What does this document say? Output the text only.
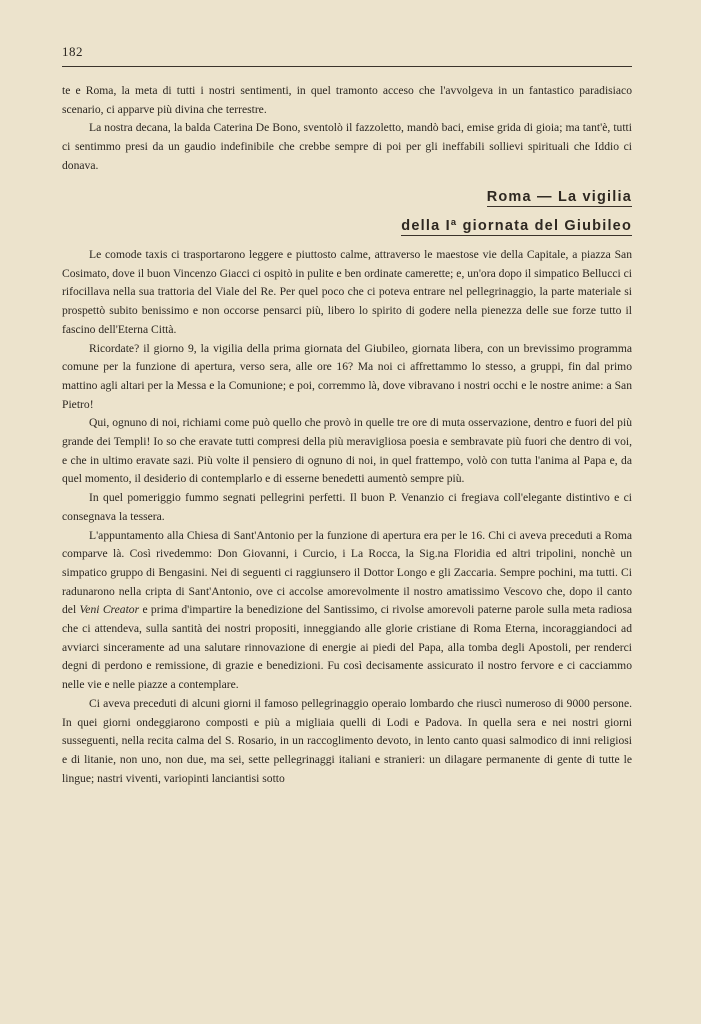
182

te e Roma, la meta di tutti i nostri sentimenti, in quel tramonto acceso che l'avvolgeva in un fantastico paradisiaco scenario, ci apparve più divina che terrestre.

La nostra decana, la balda Caterina De Bono, sventolò il fazzoletto, mandò baci, emise grida di gioia; ma tant'è, tutti ci sentimmo presi da un gaudio indefinibile che crebbe sempre di poi per gli ineffabili sollievi spirituali che Iddio ci donava.

Roma — La vigilia
della Iª giornata del Giubileo

Le comode taxis ci trasportarono leggere e piuttosto calme, attraverso le maestose vie della Capitale, a piazza San Cosimato, dove il buon Vincenzo Giacci ci ospitò in pulite e ben ordinate camerette; e, un'ora dopo il simpatico Bellucci ci rifocillava nella sua trattoria del Viale del Re. Per quel poco che ci poteva entrare nel pellegrinaggio, la parte materiale si prospettò subito benissimo e non occorse pensarci più, libero lo spirito di godere nella pienezza delle sue forze tutto il fascino dell'Eterna Città.

Ricordate? il giorno 9, la vigilia della prima giornata del Giubileo, giornata libera, con un brevissimo programma comune per la funzione di apertura, verso sera, alle ore 16? Ma noi ci affrettammo lo stesso, a gruppi, fin dal primo mattino agli altari per la Messa e la Comunione; e poi, corremmo là, dove vibravano i nostri occhi e le nostre anime: a San Pietro!

Qui, ognuno di noi, richiami come può quello che provò in quelle tre ore di muta osservazione, dentro e fuori del più grande dei Templi! Io so che eravate tutti compresi della più meravigliosa poesia e sembravate più fuori che dentro di voi, e che in ultimo eravate sazi. Più volte il pensiero di ognuno di noi, in quel frattempo, volò con tutta l'anima al Papa e, da quel momento, il desiderio di contemplarlo e di esserne benedetti aumentò sempre più.

In quel pomeriggio fummo segnati pellegrini perfetti. Il buon P. Venanzio ci fregiava coll'elegante distintivo e ci consegnava la tessera.

L'appuntamento alla Chiesa di Sant'Antonio per la funzione di apertura era per le 16. Chi ci aveva preceduti a Roma comparve là. Così rivedemmo: Don Giovanni, i Curcio, i La Rocca, la Sig.na Floridia ed altri tripolini, nonchè un simpatico gruppo di Bengasini. Nei di seguenti ci raggiunsero il Dottor Longo e gli Zaccaria. Sempre pochini, ma tutti. Ci radunarono nella cripta di Sant'Antonio, ove ci accolse amorevolmente il nostro amatissimo Vescovo che, dopo il canto del Veni Creator e prima d'impartire la benedizione del Santissimo, ci rivolse amorevoli paterne parole sulla meta radiosa che ci attendeva, sulla santità dei nostri propositi, inneggiando alle glorie cristiane di Roma Eterna, incoraggiandoci ad avviarci sinceramente ad una salutare rinnovazione di energie ai piedi del Papa, alla tomba degli Apostoli, per renderci degni di perdono e remissione, di grazie e benedizioni. Fu così decisamente assicurato il nostro fervore e ci cacciammo nelle vie e nelle piazze a contemplare.

Ci aveva preceduti di alcuni giorni il famoso pellegrinaggio operaio lombardo che riuscì numeroso di 9000 persone. In quei giorni ondeggiarono composti e più a migliaia quelli di Lodi e Padova. In quella sera e nei nostri giorni susseguenti, nella recita calma del S. Rosario, in un raccoglimento devoto, in lento canto quasi salmodico di inni religiosi e di litanie, non uno, non due, ma sei, sette pellegrinaggi italiani e stranieri: un dilagare permanente di gente di tutte le lingue; nastri viventi, variopinti lanciantisi sotto
